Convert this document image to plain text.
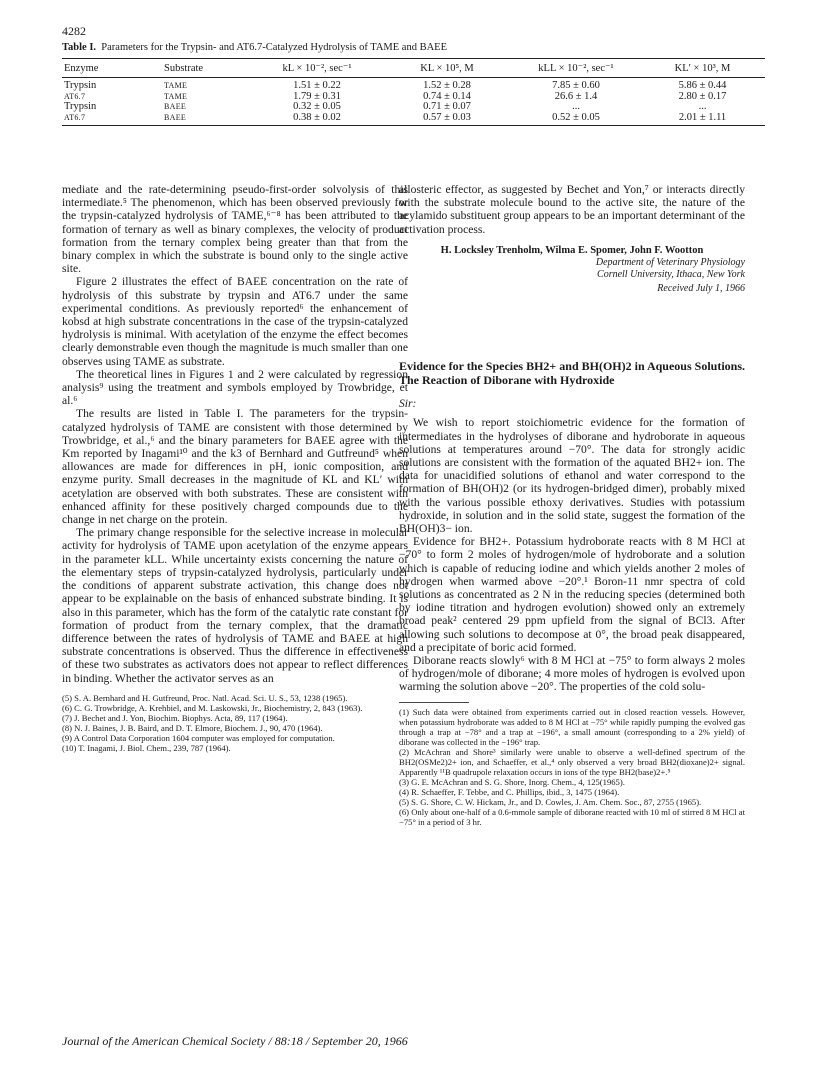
4282
Table I. Parameters for the Trypsin- and AT6.7-Catalyzed Hydrolysis of TAME and BAEE
Enzyme	Substrate	kL × 10⁻², sec⁻¹	KL × 10⁵, M	kLL × 10⁻², sec⁻¹	KL′ × 10³, M

Trypsin	TAME	1.51 ± 0.22	1.52 ± 0.28	7.85 ± 0.60	5.86 ± 0.44
AT6.7	TAME	1.79 ± 0.31	0.74 ± 0.14	26.6 ± 1.4	2.80 ± 0.17
Trypsin	BAEE	0.32 ± 0.05	0.71 ± 0.07	...	...
AT6.7	BAEE	0.38 ± 0.02	0.57 ± 0.03	0.52 ± 0.05	2.01 ± 1.11

mediate and the rate-determining pseudo-first-order solvolysis of this intermediate.⁵ The phenomenon, which has been observed previously for the trypsin-catalyzed hydrolysis of TAME,⁶⁻⁸ has been attributed to the formation of ternary as well as binary complexes, the velocity of product formation from the ternary complex being greater than that from the binary complex in which the substrate is bound only to the single active site.

Figure 2 illustrates the effect of BAEE concentration on the rate of hydrolysis of this substrate by trypsin and AT6.7 under the same experimental conditions. As previously reported⁶ the enhancement of kobsd at high substrate concentrations in the case of the trypsin-catalyzed hydrolysis is minimal. With acetylation of the enzyme the effect becomes clearly demonstrable even though the magnitude is much smaller than one observes using TAME as substrate.

The theoretical lines in Figures 1 and 2 were calculated by regression analysis⁹ using the treatment and symbols employed by Trowbridge, et al.⁶

The results are listed in Table I. The parameters for the trypsin-catalyzed hydrolysis of TAME are consistent with those determined by Trowbridge, et al.,⁶ and the binary parameters for BAEE agree with the Km reported by Inagami¹⁰ and the k3 of Bernhard and Gutfreund⁵ when allowances are made for differences in pH, ionic composition, and enzyme purity. Small decreases in the magnitude of KL and KL′ with acetylation are observed with both substrates. These are consistent with enhanced affinity for these positively charged compounds due to the change in net charge on the protein.

The primary change responsible for the selective increase in molecular activity for hydrolysis of TAME upon acetylation of the enzyme appears in the parameter kLL. While uncertainty exists concerning the nature of the elementary steps of trypsin-catalyzed hydrolysis, particularly under the conditions of apparent substrate activation, this change does not appear to be explainable on the basis of enhanced substrate binding. It is also in this parameter, which has the form of the catalytic rate constant for formation of product from the ternary complex, that the dramatic difference between the rates of hydrolysis of TAME and BAEE at high substrate concentrations is observed. Thus the difference in effectiveness of these two substrates as activators does not appear to reflect differences in binding. Whether the activator serves as an

(5) S. A. Bernhard and H. Gutfreund, Proc. Natl. Acad. Sci. U. S., 53, 1238 (1965).
(6) C. G. Trowbridge, A. Krehbiel, and M. Laskowski, Jr., Biochemistry, 2, 843 (1963).
(7) J. Bechet and J. Yon, Biochim. Biophys. Acta, 89, 117 (1964).
(8) N. J. Baines, J. B. Baird, and D. T. Elmore, Biochem. J., 90, 470 (1964).
(9) A Control Data Corporation 1604 computer was employed for computation.
(10) T. Inagami, J. Biol. Chem., 239, 787 (1964).

allosteric effector, as suggested by Bechet and Yon,⁷ or interacts directly with the substrate molecule bound to the active site, the nature of the acylamido substituent group appears to be an important determinant of the activation process.

H. Locksley Trenholm, Wilma E. Spomer, John F. Wootton
Department of Veterinary Physiology
Cornell University, Ithaca, New York
Received July 1, 1966
Evidence for the Species BH2+ and BH(OH)2 in Aqueous Solutions. The Reaction of Diborane with Hydroxide
Sir:

We wish to report stoichiometric evidence for the formation of intermediates in the hydrolyses of diborane and hydroborate in aqueous solutions at temperatures around −70°. The data for strongly acidic solutions are consistent with the formation of the aquated BH2+ ion. The data for unacidified solutions of ethanol and water correspond to the formation of BH(OH)2 (or its hydrogen-bridged dimer), probably mixed with the various possible ethoxy derivatives. Studies with potassium hydroxide, in solution and in the solid state, suggest the formation of the BH(OH)3− ion.

Evidence for BH2+. Potassium hydroborate reacts with 8 M HCl at −70° to form 2 moles of hydrogen/mole of hydroborate and a solution which is capable of reducing iodine and which yields another 2 moles of hydrogen when warmed above −20°.¹ Boron-11 nmr spectra of cold solutions as concentrated as 2 N in the reducing species (determined both by iodine titration and hydrogen evolution) showed only an extremely broad peak² centered 29 ppm upfield from the signal of BCl3. After allowing such solutions to decompose at 0°, the broad peak disappeared, and a precipitate of boric acid formed.

Diborane reacts slowly⁶ with 8 M HCl at −75° to form always 2 moles of hydrogen/mole of diborane; 4 more moles of hydrogen is evolved upon warming the solution above −20°. The properties of the cold solu-

(1) Such data were obtained from experiments carried out in closed reaction vessels. However, when potassium hydroborate was added to 8 M HCl at −75° while rapidly pumping the evolved gas through a trap at −78° and a trap at −196°, a small amount (corresponding to a 2% yield) of diborane was collected in the −196° trap.
(2) McAchran and Shore³ similarly were unable to observe a well-defined spectrum of the BH2(OSMe2)2+ ion, and Schaeffer, et al.,⁴ only observed a very broad BH2(dioxane)2+ signal. Apparently ¹¹B quadrupole relaxation occurs in ions of the type BH2(base)2+.⁵
(3) G. E. McAchran and S. G. Shore, Inorg. Chem., 4, 125(1965).
(4) R. Schaeffer, F. Tebbe, and C. Phillips, ibid., 3, 1475 (1964).
(5) S. G. Shore, C. W. Hickam, Jr., and D. Cowles, J. Am. Chem. Soc., 87, 2755 (1965).
(6) Only about one-half of a 0.6-mmole sample of diborane reacted with 10 ml of stirred 8 M HCl at −75° in a period of 3 hr.
Journal of the American Chemical Society / 88:18 / September 20, 1966
